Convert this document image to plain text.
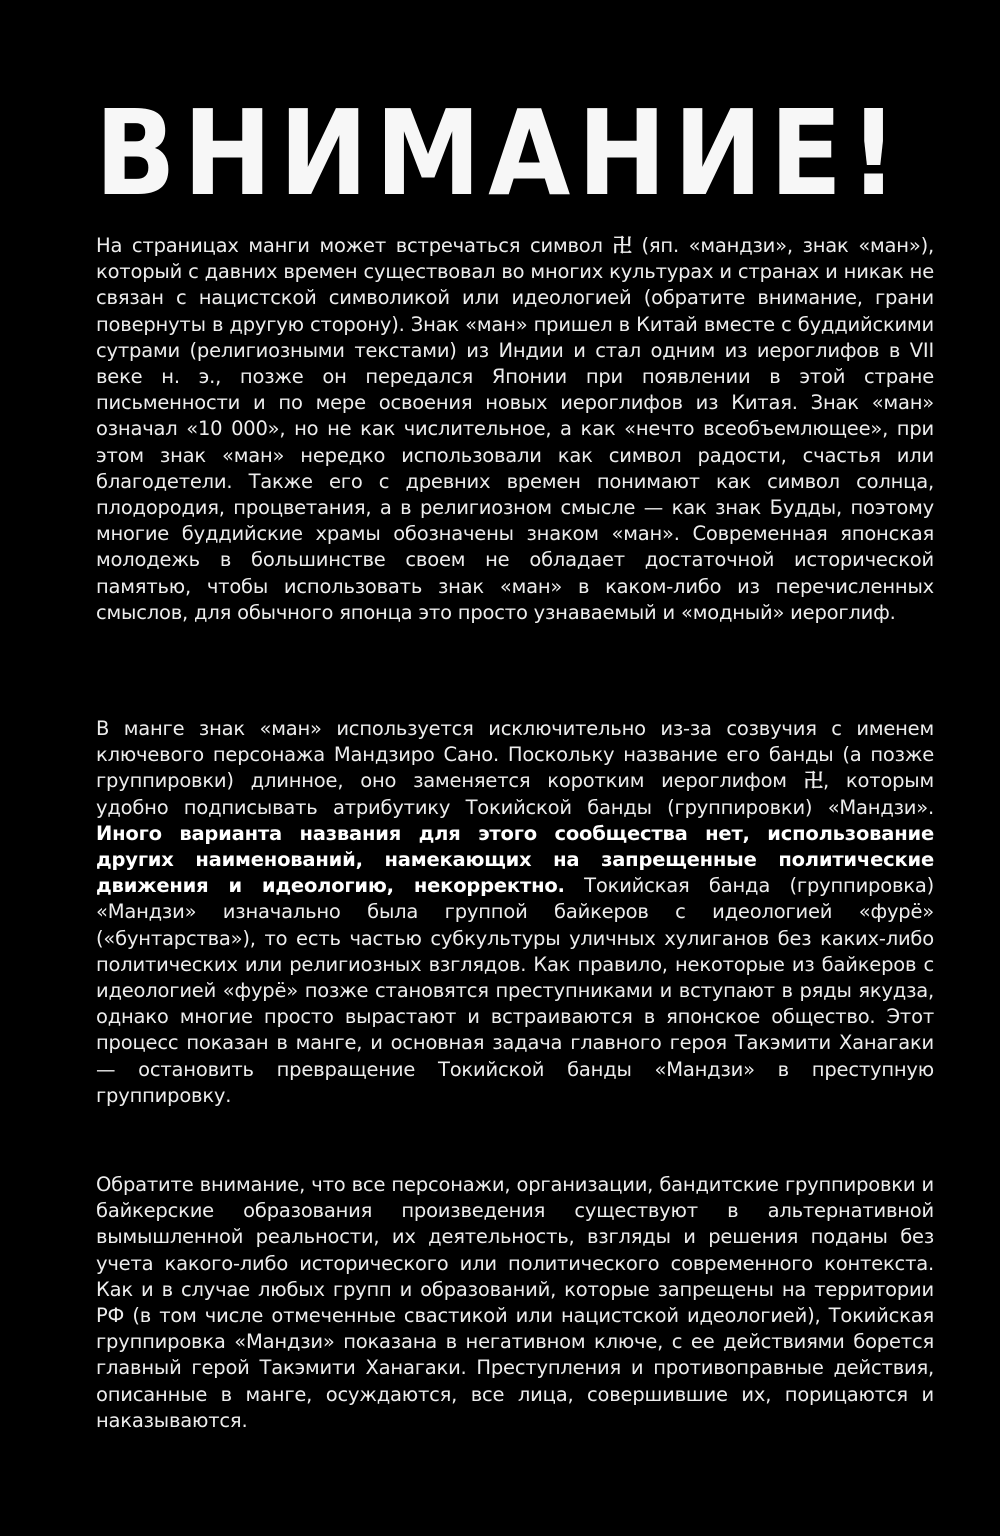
ВНИМАНИЕ!
На страницах манги может встречаться символ 卍 (яп. «мандзи», знак «ман»), который с давних времен существовал во многих культурах и странах и никак не связан с нацистской символикой или идеологией (обратите внимание, грани повернуты в другую сторону). Знак «ман» пришел в Китай вместе с буддийскими сутрами (религиозными текстами) из Индии и стал одним из иероглифов в VII веке н. э., позже он передался Японии при появлении в этой стране письменности и по мере освоения новых иероглифов из Китая. Знак «ман» означал «10 000», но не как числительное, а как «нечто всеобъемлющее», при этом знак «ман» нередко использовали как символ радости, счастья или благодетели. Также его с древних времен понимают как символ солнца, плодородия, процветания, а в религиозном смысле — как знак Будды, поэтому многие буддийские храмы обозначены знаком «ман». Современная японская молодежь в большинстве своем не обладает достаточной исторической памятью, чтобы использовать знак «ман» в каком-либо из перечисленных смыслов, для обычного японца это просто узнаваемый и «модный» иероглиф.
В манге знак «ман» используется исключительно из-за созвучия с именем ключевого персонажа Мандзиро Сано. Поскольку название его банды (а позже группировки) длинное, оно заменяется коротким иероглифом 卍, которым удобно подписывать атрибутику Токийской банды (группировки) «Мандзи». Иного варианта названия для этого сообщества нет, использование других наименований, намекающих на запрещенные политические движения и идеологию, некорректно. Токийская банда (группировка) «Мандзи» изначально была группой байкеров с идеологией «фурё» («бунтарства»), то есть частью субкультуры уличных хулиганов без каких-либо политических или религиозных взглядов. Как правило, некоторые из байкеров с идеологией «фурё» позже становятся преступниками и вступают в ряды якудза, однако многие просто вырастают и встраиваются в японское общество. Этот процесс показан в манге, и основная задача главного героя Такэмити Ханагаки — остановить превращение Токийской банды «Мандзи» в преступную группировку.
Обратите внимание, что все персонажи, организации, бандитские группировки и байкерские образования произведения существуют в альтернативной вымышленной реальности, их деятельность, взгляды и решения поданы без учета какого-либо исторического или политического современного контекста. Как и в случае любых групп и образований, которые запрещены на территории РФ (в том числе отмеченные свастикой или нацистской идеологией), Токийская группировка «Мандзи» показана в негативном ключе, с ее действиями борется главный герой Такэмити Ханагаки. Преступления и противоправные действия, описанные в манге, осуждаются, все лица, совершившие их, порицаются и наказываются.
